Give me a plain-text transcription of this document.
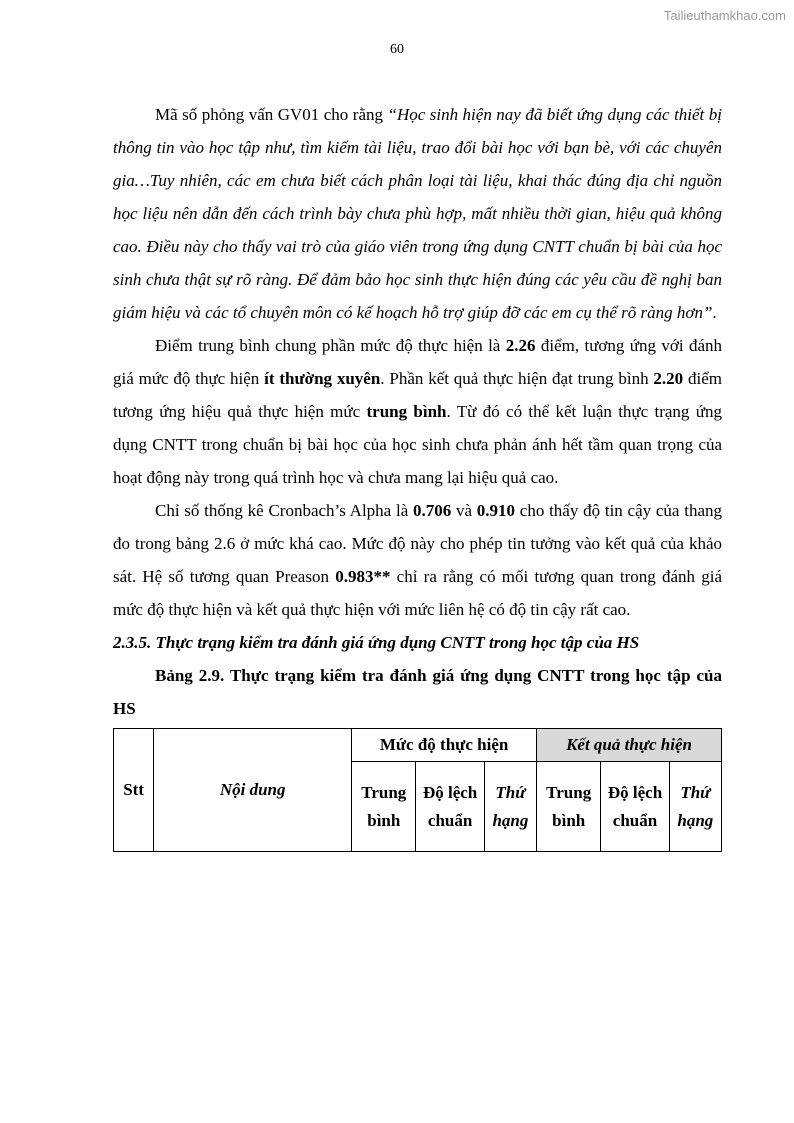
Tailieuthamkhao.com
60

Mã số phỏng vấn GV01 cho rằng “Học sinh hiện nay đã biết ứng dụng các thiết bị thông tin vào học tập như, tìm kiếm tài liệu, trao đổi bài học với bạn bè, với các chuyên gia…Tuy nhiên, các em chưa biết cách phân loại tài liệu, khai thác đúng địa chỉ nguồn học liệu nên dẫn đến cách trình bày chưa phù hợp, mất nhiều thời gian, hiệu quả không cao. Điều này cho thấy vai trò của giáo viên trong ứng dụng CNTT chuẩn bị bài của học sinh chưa thật sự rõ ràng. Để đảm bảo học sinh thực hiện đúng các yêu cầu đề nghị ban giám hiệu và các tổ chuyên môn có kế hoạch hỗ trợ giúp đỡ các em cụ thể rõ ràng hơn”.

Điểm trung bình chung phần mức độ thực hiện là 2.26 điểm, tương ứng với đánh giá mức độ thực hiện ít thường xuyên. Phần kết quả thực hiện đạt trung bình 2.20 điểm tương ứng hiệu quả thực hiện mức trung bình. Từ đó có thể kết luận thực trạng ứng dụng CNTT trong chuẩn bị bài học của học sinh chưa phản ánh hết tầm quan trọng của hoạt động này trong quá trình học và chưa mang lại hiệu quả cao.

Chỉ số thống kê Cronbach’s Alpha là 0.706 và 0.910 cho thấy độ tin cậy của thang đo trong bảng 2.6 ở mức khá cao. Mức độ này cho phép tin tưởng vào kết quả của khảo sát. Hệ số tương quan Preason 0.983** chỉ ra rằng có mối tương quan trong đánh giá mức độ thực hiện và kết quả thực hiện với mức liên hệ có độ tin cậy rất cao.

2.3.5. Thực trạng kiểm tra đánh giá ứng dụng CNTT trong học tập của HS

Bảng 2.9. Thực trạng kiểm tra đánh giá ứng dụng CNTT trong học tập của HS

Stt	Nội dung	Mức độ thực hiện			Kết quả thực hiện		
		Trung bình	Độ lệch chuẩn	Thứ hạng	Trung bình	Độ lệch chuẩn	Thứ hạng
